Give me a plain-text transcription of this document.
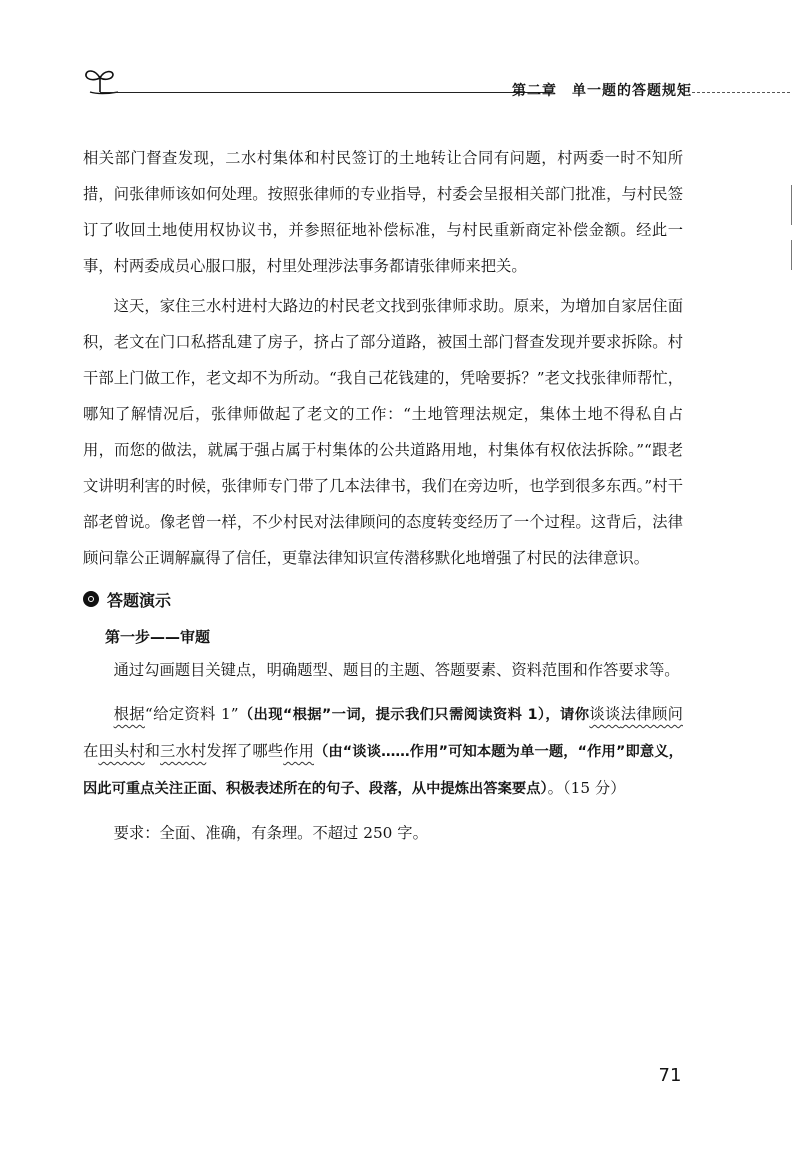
第二章　单一题的答题规矩

相关部门督查发现，二水村集体和村民签订的土地转让合同有问题，村两委一时不知所措，问张律师该如何处理。按照张律师的专业指导，村委会呈报相关部门批准，与村民签订了收回土地使用权协议书，并参照征地补偿标准，与村民重新商定补偿金额。经此一事，村两委成员心服口服，村里处理涉法事务都请张律师来把关。

这天，家住三水村进村大路边的村民老文找到张律师求助。原来，为增加自家居住面积，老文在门口私搭乱建了房子，挤占了部分道路，被国土部门督查发现并要求拆除。村干部上门做工作，老文却不为所动。“我自己花钱建的，凭啥要拆？”老文找张律师帮忙，哪知了解情况后，张律师做起了老文的工作：“土地管理法规定，集体土地不得私自占用，而您的做法，就属于强占属于村集体的公共道路用地，村集体有权依法拆除。”“跟老文讲明利害的时候，张律师专门带了几本法律书，我们在旁边听，也学到很多东西。”村干部老曾说。像老曾一样，不少村民对法律顾问的态度转变经历了一个过程。这背后，法律顾问靠公正调解赢得了信任，更靠法律知识宣传潜移默化地增强了村民的法律意识。

答题演示
第一步——审题

通过勾画题目关键点，明确题型、题目的主题、答题要素、资料范围和作答要求等。

根据“给定资料 1”（出现“根据”一词，提示我们只需阅读资料 1），请你谈谈法律顾问在田头村和三水村发挥了哪些作用（由“谈谈……作用”可知本题为单一题，“作用”即意义，因此可重点关注正面、积极表述所在的句子、段落，从中提炼出答案要点）。（15 分）

要求：全面、准确，有条理。不超过 250 字。

71
